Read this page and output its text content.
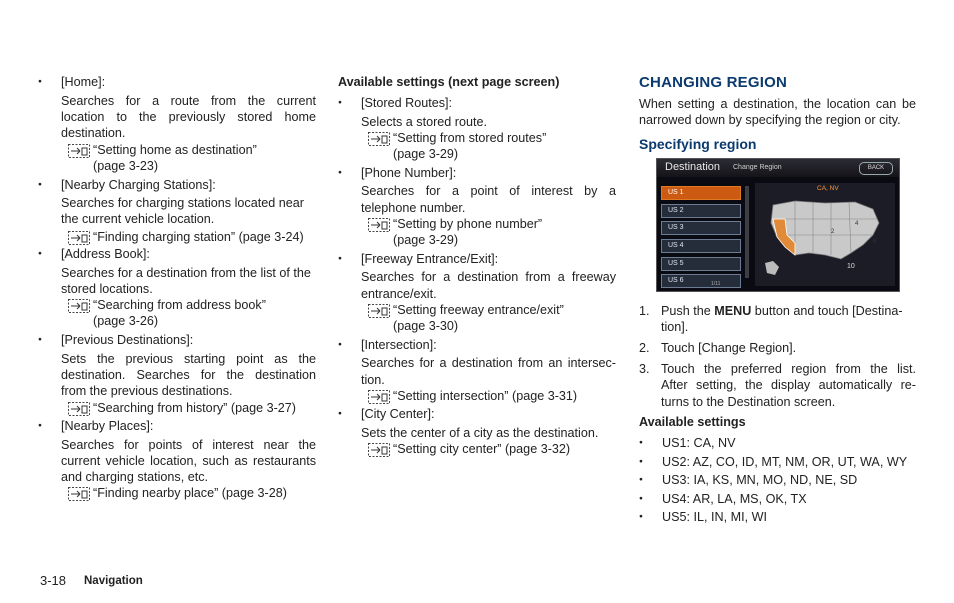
● [Home]:
Searches for a route from the current
location to the previously stored home
destination.
“Setting home as destination”
(page 3-23)
● [Nearby Charging Stations]:
Searches for charging stations located near
the current vehicle location.
“Finding charging station” (page 3-24)
● [Address Book]:
Searches for a destination from the list of the
stored locations.
“Searching from address book”
(page 3-26)
● [Previous Destinations]:
Sets the previous starting point as the
destination. Searches for the destination
from the previous destinations.
“Searching from history” (page 3-27)
● [Nearby Places]:
Searches for points of interest near the
current vehicle location, such as restaurants
and charging stations, etc.
“Finding nearby place” (page 3-28)
Available settings (next page screen)
● [Stored Routes]:
Selects a stored route.
“Setting from stored routes”
(page 3-29)
● [Phone Number]:
Searches for a point of interest by a
telephone number.
“Setting by phone number”
(page 3-29)
● [Freeway Entrance/Exit]:
Searches for a destination from a freeway
entrance/exit.
“Setting freeway entrance/exit”
(page 3-30)
● [Intersection]:
Searches for a destination from an intersec-
tion.
“Setting intersection” (page 3-31)
● [City Center]:
Sets the center of a city as the destination.
“Setting city center” (page 3-32)
CHANGING REGION
When setting a destination, the location can be
narrowed down by specifying the region or city.
Specifying region
Destination Change Region	BACK
US 1
US 2
US 3
US 4
US 5
US 6
2
4
8
10
CA, NV
1/11
1. Push the MENU button and touch [Destina-
tion].
2. Touch [Change Region].
3. Touch the preferred region from the list.
After setting, the display automatically re-
turns to the Destination screen.
Available settings
● US1: CA, NV
● US2: AZ, CO, ID, MT, NM, OR, UT, WA, WY
● US3: IA, KS, MN, MO, ND, NE, SD
● US4: AR, LA, MS, OK, TX
● US5: IL, IN, MI, WI
3-18 Navigation
